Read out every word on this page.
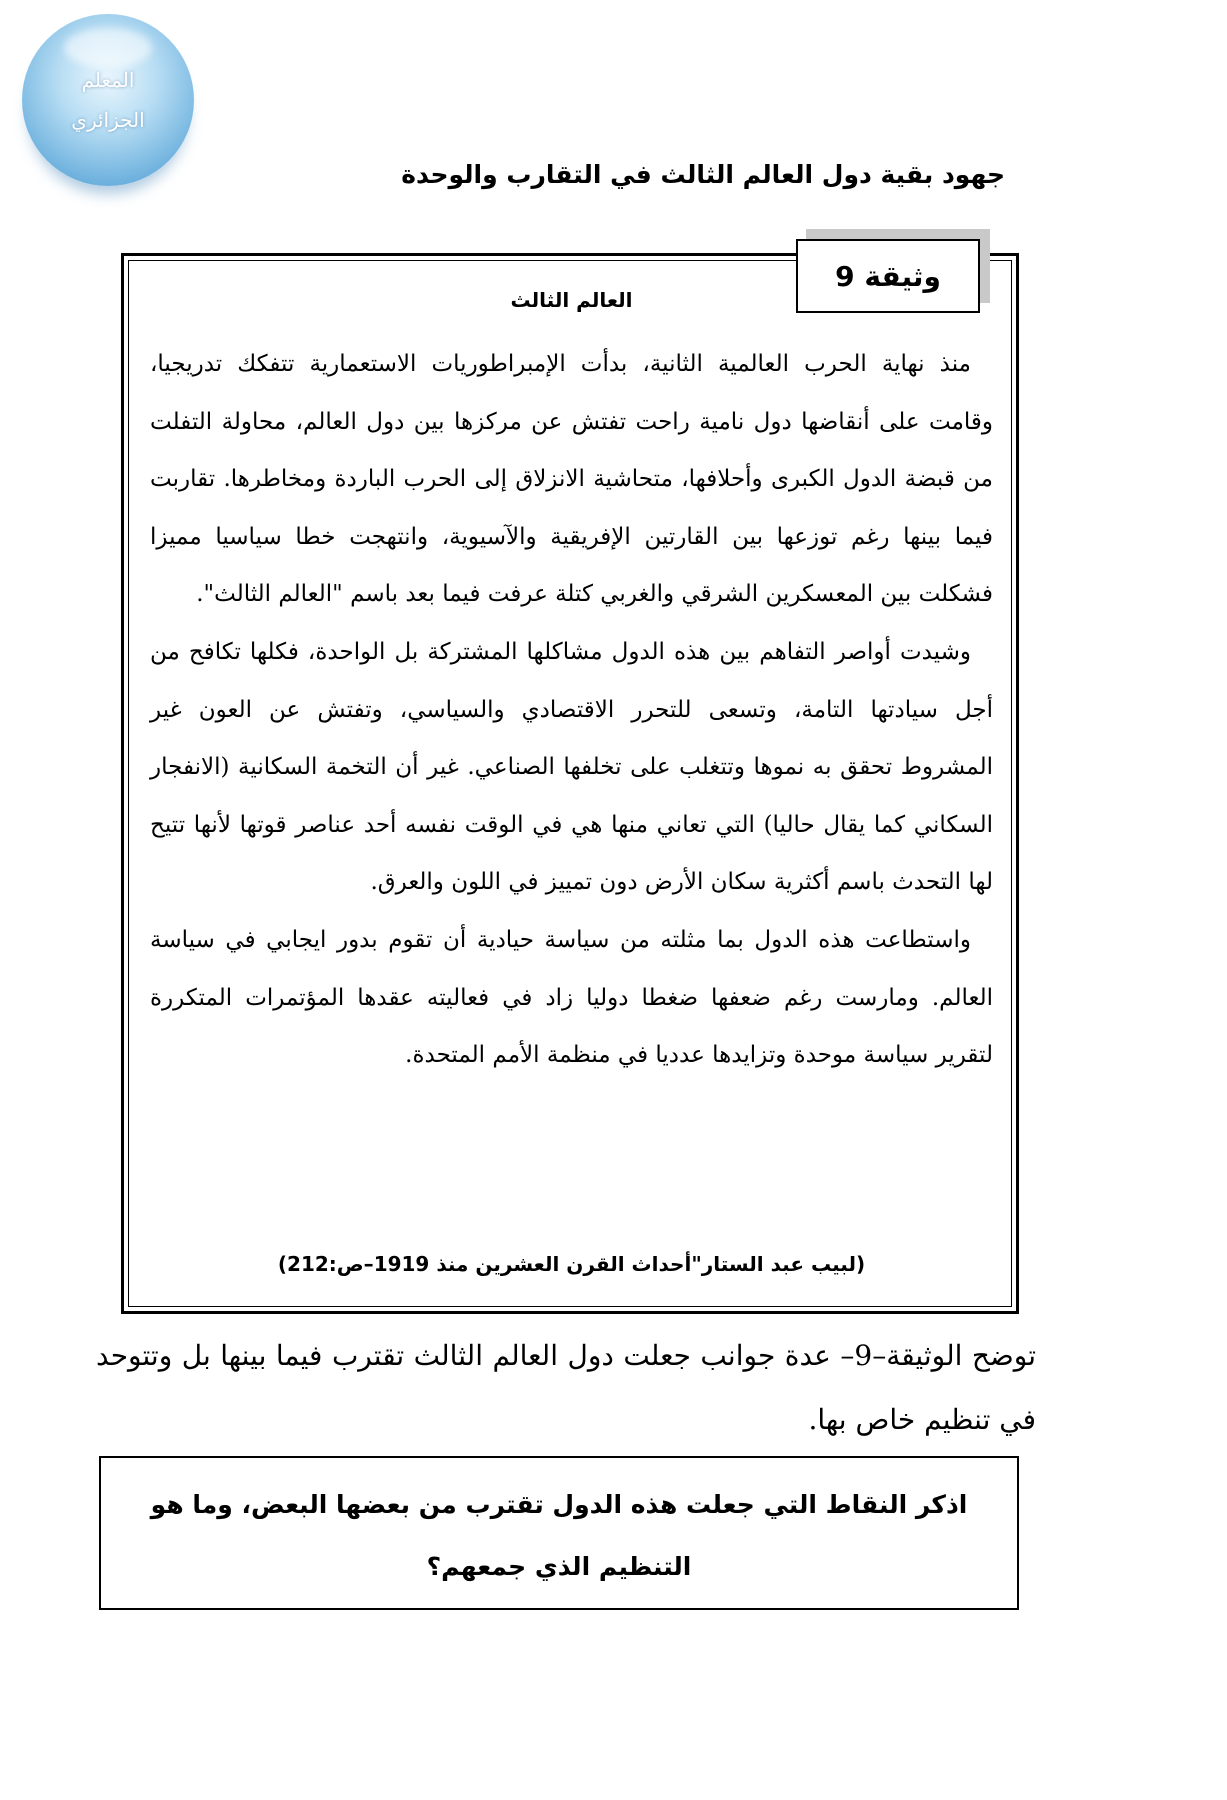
المعلم
الجزائري
جهود بقية دول العالم الثالث في التقارب والوحدة
وثيقة 9
العالم الثالث

منذ نهاية الحرب العالمية الثانية، بدأت الإمبراطوريات الاستعمارية تتفكك تدريجيا، وقامت على أنقاضها دول نامية راحت تفتش عن مركزها بين دول العالم، محاولة التفلت من قبضة الدول الكبرى وأحلافها، متحاشية الانزلاق إلى الحرب الباردة ومخاطرها. تقاربت فيما بينها رغم توزعها بين القارتين الإفريقية والآسيوية، وانتهجت خطا سياسيا مميزا فشكلت بين المعسكرين الشرقي والغربي كتلة عرفت فيما بعد باسم "العالم الثالث".

وشيدت أواصر التفاهم بين هذه الدول مشاكلها المشتركة بل الواحدة، فكلها تكافح من أجل سيادتها التامة، وتسعى للتحرر الاقتصادي والسياسي، وتفتش عن العون غير المشروط تحقق به نموها وتتغلب على تخلفها الصناعي. غير أن التخمة السكانية (الانفجار السكاني كما يقال حاليا) التي تعاني منها هي في الوقت نفسه أحد عناصر قوتها لأنها تتيح لها التحدث باسم أكثرية سكان الأرض دون تمييز في اللون والعرق.

واستطاعت هذه الدول بما مثلته من سياسة حيادية أن تقوم بدور ايجابي في سياسة العالم. ومارست رغم ضعفها ضغطا دوليا زاد في فعاليته عقدها المؤتمرات المتكررة لتقرير سياسة موحدة وتزايدها عدديا في منظمة الأمم المتحدة.

(لبيب عبد الستار"أحداث القرن العشرين منذ 1919–ص:212)

توضح الوثيقة–9– عدة جوانب جعلت دول العالم الثالث تقترب فيما بينها بل وتتوحد في تنظيم خاص بها.

اذكر النقاط التي جعلت هذه الدول تقترب من بعضها البعض، وما هو التنظيم الذي جمعهم؟
